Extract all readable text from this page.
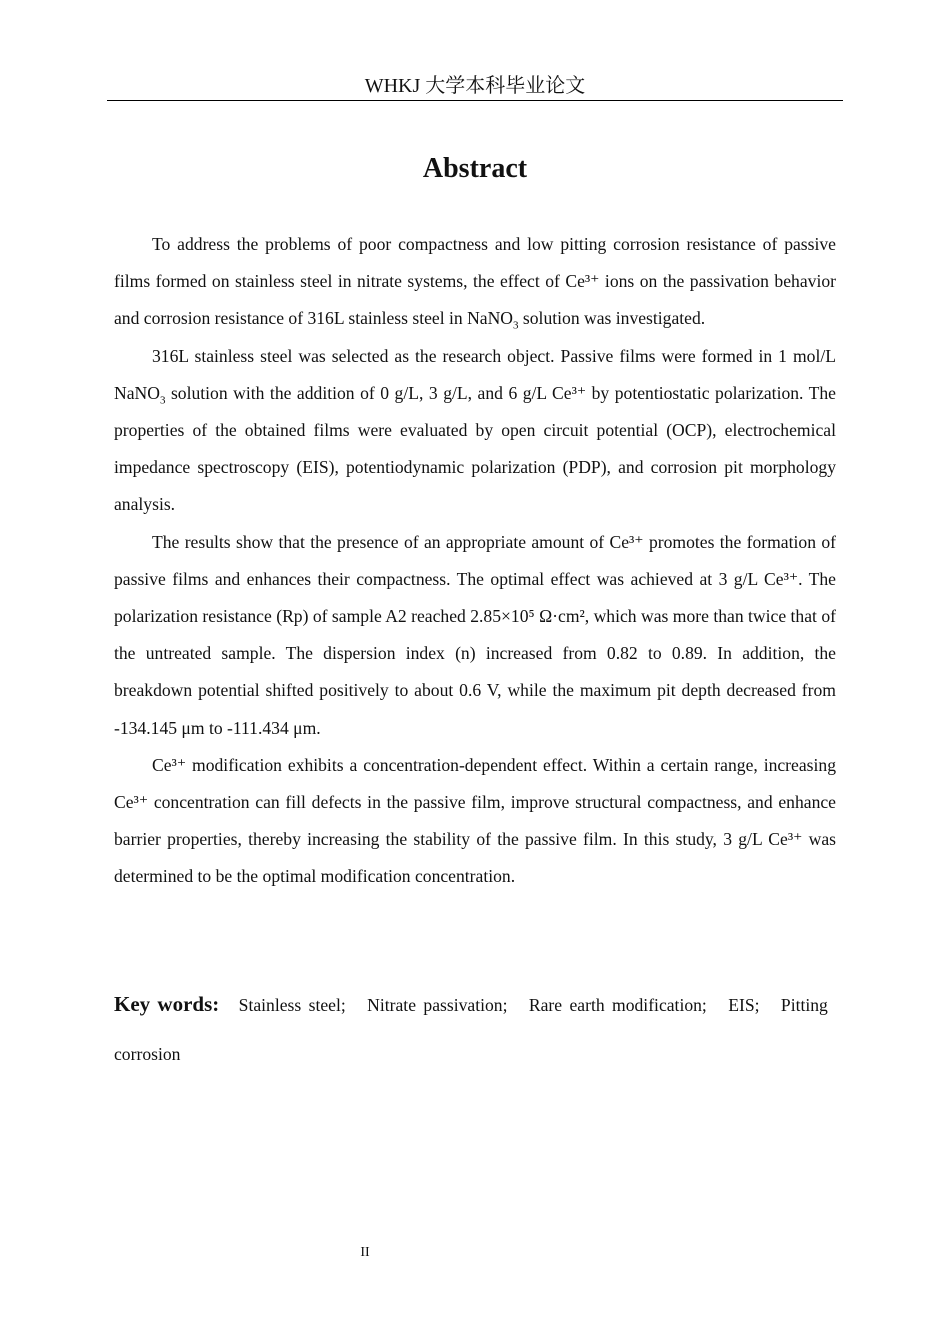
WHKJ 大学本科毕业论文
Abstract

To address the problems of poor compactness and low pitting corrosion resistance of passive films formed on stainless steel in nitrate systems, the effect of Ce³⁺ ions on the passivation behavior and corrosion resistance of 316L stainless steel in NaNO$_3$ solution was investigated.

316L stainless steel was selected as the research object. Passive films were formed in 1 mol/L NaNO$_3$ solution with the addition of 0 g/L, 3 g/L, and 6 g/L Ce³⁺ by potentiostatic polarization. The properties of the obtained films were evaluated by open circuit potential (OCP), electrochemical impedance spectroscopy (EIS), potentiodynamic polarization (PDP), and corrosion pit morphology analysis.

The results show that the presence of an appropriate amount of Ce³⁺ promotes the formation of passive films and enhances their compactness. The optimal effect was achieved at 3 g/L Ce³⁺. The polarization resistance (Rp) of sample A2 reached 2.85×10⁵ Ω·cm², which was more than twice that of the untreated sample. The dispersion index (n) increased from 0.82 to 0.89. In addition, the breakdown potential shifted positively to about 0.6 V, while the maximum pit depth decreased from -134.145 μm to -111.434 μm.

Ce³⁺ modification exhibits a concentration-dependent effect. Within a certain range, increasing Ce³⁺ concentration can fill defects in the passive film, improve structural compactness, and enhance barrier properties, thereby increasing the stability of the passive film. In this study, 3 g/L Ce³⁺ was determined to be the optimal modification concentration.

Key words: Stainless steel; Nitrate passivation; Rare earth modification; EIS; Pitting corrosion
II
